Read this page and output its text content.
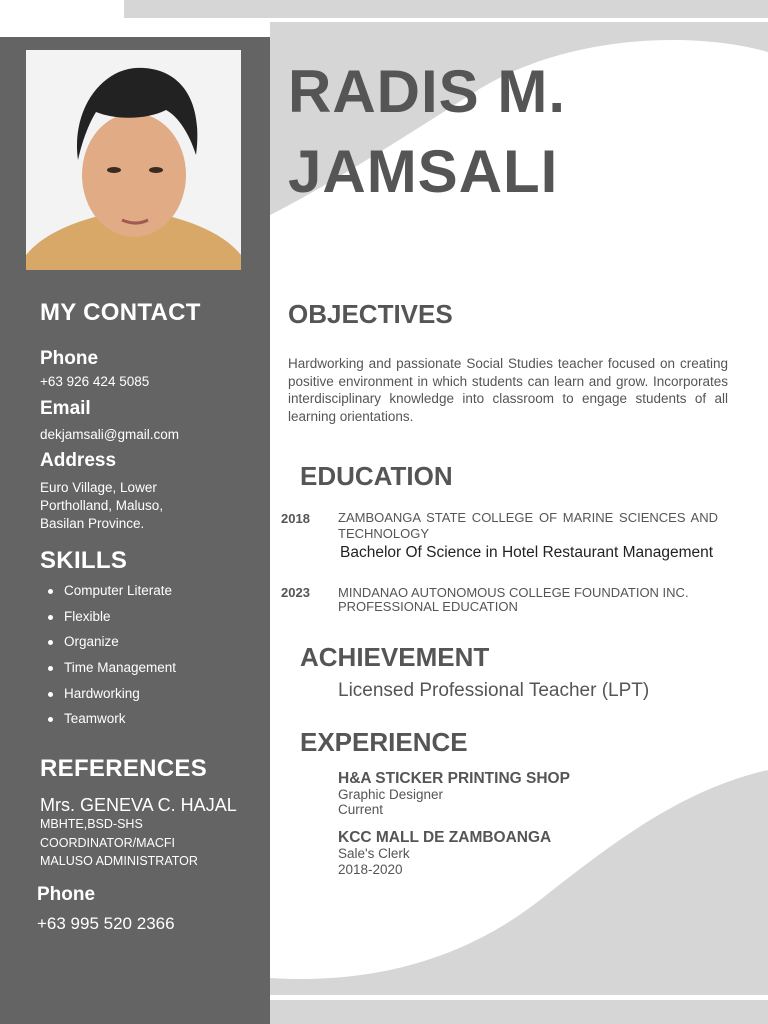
MY CONTACT
Phone

+63 926 424 5085

Email

dekjamsali@gmail.com

Address

Euro Village, Lower

Portholland, Maluso,

Basilan Province.

SKILLS
Computer Literate
Flexible
Organize
Time Management
Hardworking
Teamwork
REFERENCES

Mrs. GENEVA C. HAJAL

MBHTE,BSD-SHS

COORDINATOR/MACFI

MALUSO ADMINISTRATOR

Phone

+63 995 520 2366

RADIS M.
JAMSALI
OBJECTIVES

Hardworking and passionate Social Studies teacher focused on creating positive environment in which students can learn and grow. Incorporates interdisciplinary knowledge into classroom to engage students of all learning orientations.

EDUCATION
2018 ZAMBOANGA STATE COLLEGE OF MARINE SCIENCES AND TECHNOLOGY
Bachelor Of Science in Hotel Restaurant Management
2023 MINDANAO AUTONOMOUS COLLEGE FOUNDATION INC.
PROFESSIONAL EDUCATION
ACHIEVEMENT
Licensed Professional Teacher (LPT)
EXPERIENCE
H&A STICKER PRINTING SHOP
Graphic Designer
Current
KCC MALL DE ZAMBOANGA
Sale's Clerk
2018-2020
